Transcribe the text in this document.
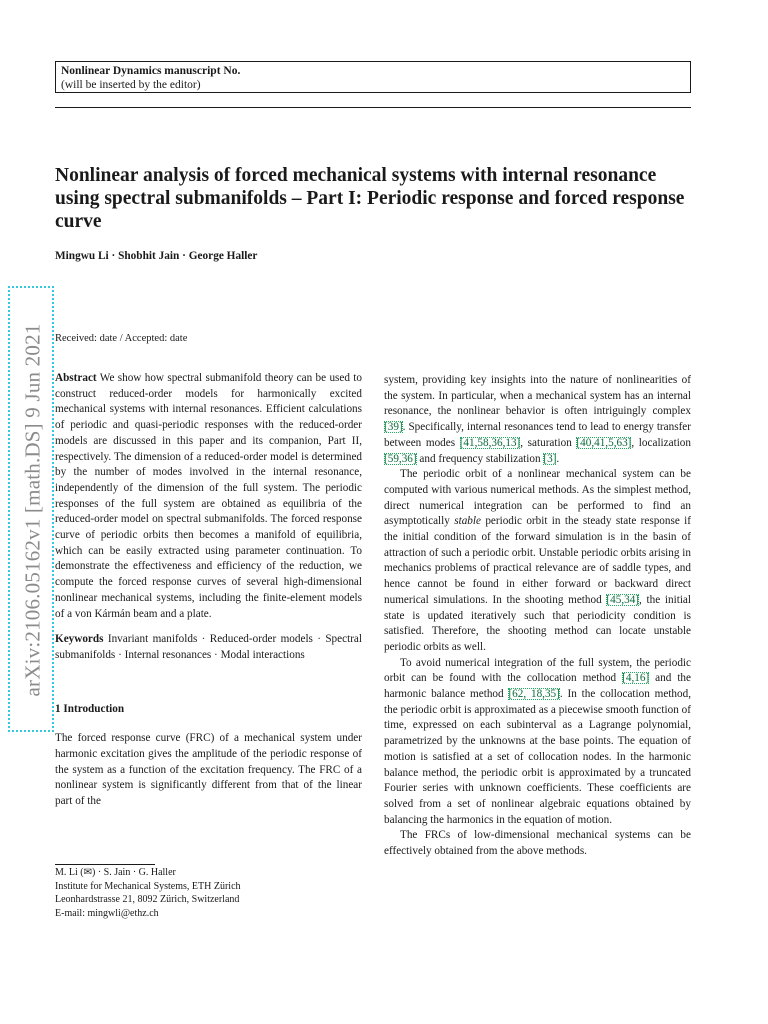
Nonlinear Dynamics manuscript No.
(will be inserted by the editor)
Nonlinear analysis of forced mechanical systems with internal resonance using spectral submanifolds – Part I: Periodic response and forced response curve
Mingwu Li · Shobhit Jain · George Haller
Received: date / Accepted: date
arXiv:2106.05162v1 [math.DS] 9 Jun 2021 Abstract We show how spectral submanifold theory can be used to construct reduced-order models for harmonically excited mechanical systems with internal resonances. Efficient calculations of periodic and quasi-periodic responses with the reduced-order models are discussed in this paper and its companion, Part II, respectively. The dimension of a reduced-order model is determined by the number of modes involved in the internal resonance, independently of the dimension of the full system. The periodic responses of the full system are obtained as equilibria of the reduced-order model on spectral submanifolds. The forced response curve of periodic orbits then becomes a manifold of equilibria, which can be easily extracted using parameter continuation. To demonstrate the effectiveness and efficiency of the reduction, we compute the forced response curves of several high-dimensional nonlinear mechanical systems, including the finite-element models of a von Kármán beam and a plate.

Keywords Invariant manifolds · Reduced-order models · Spectral submanifolds · Internal resonances · Modal interactions

1 Introduction

The forced response curve (FRC) of a mechanical system under harmonic excitation gives the amplitude of the periodic response of the system as a function of the excitation frequency. The FRC of a nonlinear system is significantly different from that of the linear part of the

M. Li (✉) · S. Jain · G. Haller
Institute for Mechanical Systems, ETH Zürich
Leonhardstrasse 21, 8092 Zürich, Switzerland
E-mail: mingwli@ethz.ch

system, providing key insights into the nature of nonlinearities of the system. In particular, when a mechanical system has an internal resonance, the nonlinear behavior is often intriguingly complex [39]. Specifically, internal resonances tend to lead to energy transfer between modes [41,58,36,13], saturation [40,41,5,63], localization [59,36] and frequency stabilization [3].

The periodic orbit of a nonlinear mechanical system can be computed with various numerical methods. As the simplest method, direct numerical integration can be performed to find an asymptotically stable periodic orbit in the steady state response if the initial condition of the forward simulation is in the basin of attraction of such a periodic orbit. Unstable periodic orbits arising in mechanics problems of practical relevance are of saddle types, and hence cannot be found in either forward or backward direct numerical simulations. In the shooting method [45,34], the initial state is updated iteratively such that periodicity condition is satisfied. Therefore, the shooting method can locate unstable periodic orbits as well.

To avoid numerical integration of the full system, the periodic orbit can be found with the collocation method [4,16] and the harmonic balance method [62, 18,35]. In the collocation method, the periodic orbit is approximated as a piecewise smooth function of time, expressed on each subinterval as a Lagrange polynomial, parametrized by the unknowns at the base points. The equation of motion is satisfied at a set of collocation nodes. In the harmonic balance method, the periodic orbit is approximated by a truncated Fourier series with unknown coefficients. These coefficients are solved from a set of nonlinear algebraic equations obtained by balancing the harmonics in the equation of motion.

The FRCs of low-dimensional mechanical systems can be effectively obtained from the above methods.
